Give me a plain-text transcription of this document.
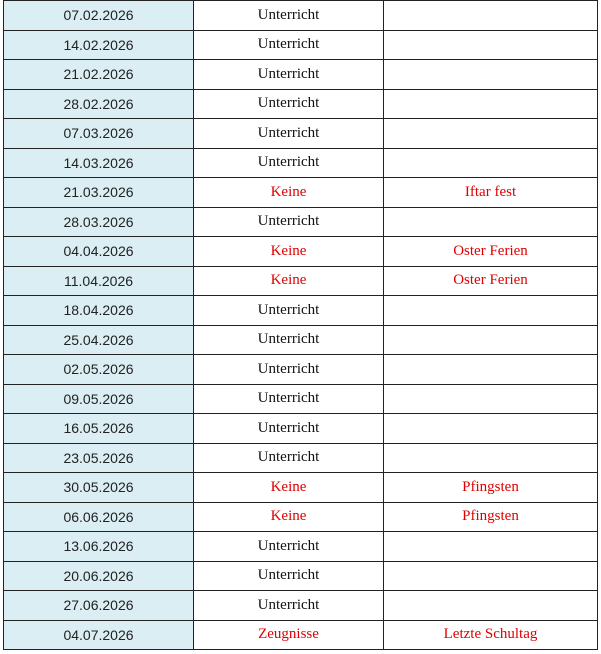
07.02.2026	Unterricht	
14.02.2026	Unterricht	
21.02.2026	Unterricht	
28.02.2026	Unterricht	
07.03.2026	Unterricht	
14.03.2026	Unterricht	
21.03.2026	Keine	Iftar fest
28.03.2026	Unterricht	
04.04.2026	Keine	Oster Ferien
11.04.2026	Keine	Oster Ferien
18.04.2026	Unterricht	
25.04.2026	Unterricht	
02.05.2026	Unterricht	
09.05.2026	Unterricht	
16.05.2026	Unterricht	
23.05.2026	Unterricht	
30.05.2026	Keine	Pfingsten
06.06.2026	Keine	Pfingsten
13.06.2026	Unterricht	
20.06.2026	Unterricht	
27.06.2026	Unterricht	
04.07.2026	Zeugnisse	Letzte Schultag
